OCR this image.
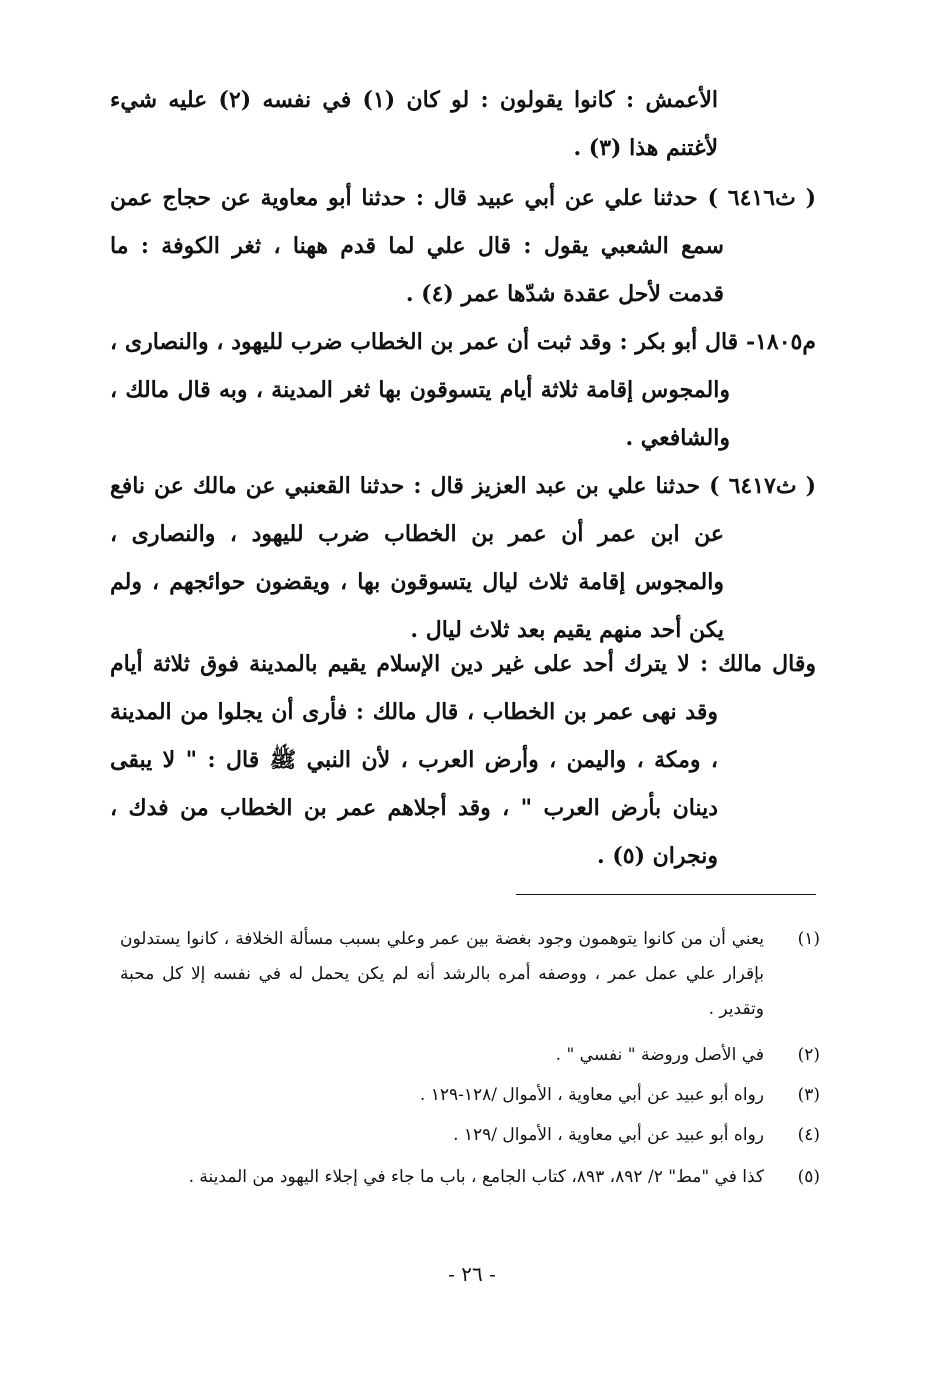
الأعمش : كانوا يقولون : لو كان (١) في نفسه (٢) عليه شيء لأغتنم هذا (٣) .
( ث٦٤١٦ ) حدثنا علي عن أبي عبيد قال : حدثنا أبو معاوية عن حجاج عمن سمع الشعبي يقول : قال علي لما قدم ههنا ، ثغر الكوفة : ما قدمت لأحل عقدة شدّها عمر (٤) .
م١٨٠٥- قال أبو بكر : وقد ثبت أن عمر بن الخطاب ضرب لليهود ، والنصارى ، والمجوس إقامة ثلاثة أيام يتسوقون بها ثغر المدينة ، وبه قال مالك ، والشافعي .
( ث٦٤١٧ ) حدثنا علي بن عبد العزيز قال : حدثنا القعنبي عن مالك عن نافع عن ابن عمر أن عمر بن الخطاب ضرب لليهود ، والنصارى ، والمجوس إقامة ثلاث ليال يتسوقون بها ، ويقضون حوائجهم ، ولم يكن أحد منهم يقيم بعد ثلاث ليال .
وقال مالك : لا يترك أحد على غير دين الإسلام يقيم بالمدينة فوق ثلاثة أيام وقد نهى عمر بن الخطاب ، قال مالك : فأرى أن يجلوا من المدينة ، ومكة ، واليمن ، وأرض العرب ، لأن النبي ﷺ قال : " لا يبقى دينان بأرض العرب " ، وقد أجلاهم عمر بن الخطاب من فدك ، ونجران (٥) .
(١)
يعني أن من كانوا يتوهمون وجود بغضة بين عمر وعلي بسبب مسألة الخلافة ، كانوا يستدلون بإقرار علي عمل عمر ، ووصفه أمره بالرشد أنه لم يكن يحمل له في نفسه إلا كل محبة وتقدير .
(٢)
في الأصل وروضة " نفسي " .
(٣)
رواه أبو عبيد عن أبي معاوية ، الأموال /١٢٨-١٢٩ .
(٤)
رواه أبو عبيد عن أبي معاوية ، الأموال /١٢٩ .
(٥)
كذا في "مط" ٢/ ٨٩٢، ٨٩٣، كتاب الجامع ، باب ما جاء في إجلاء اليهود من المدينة .
- ٢٦ -
